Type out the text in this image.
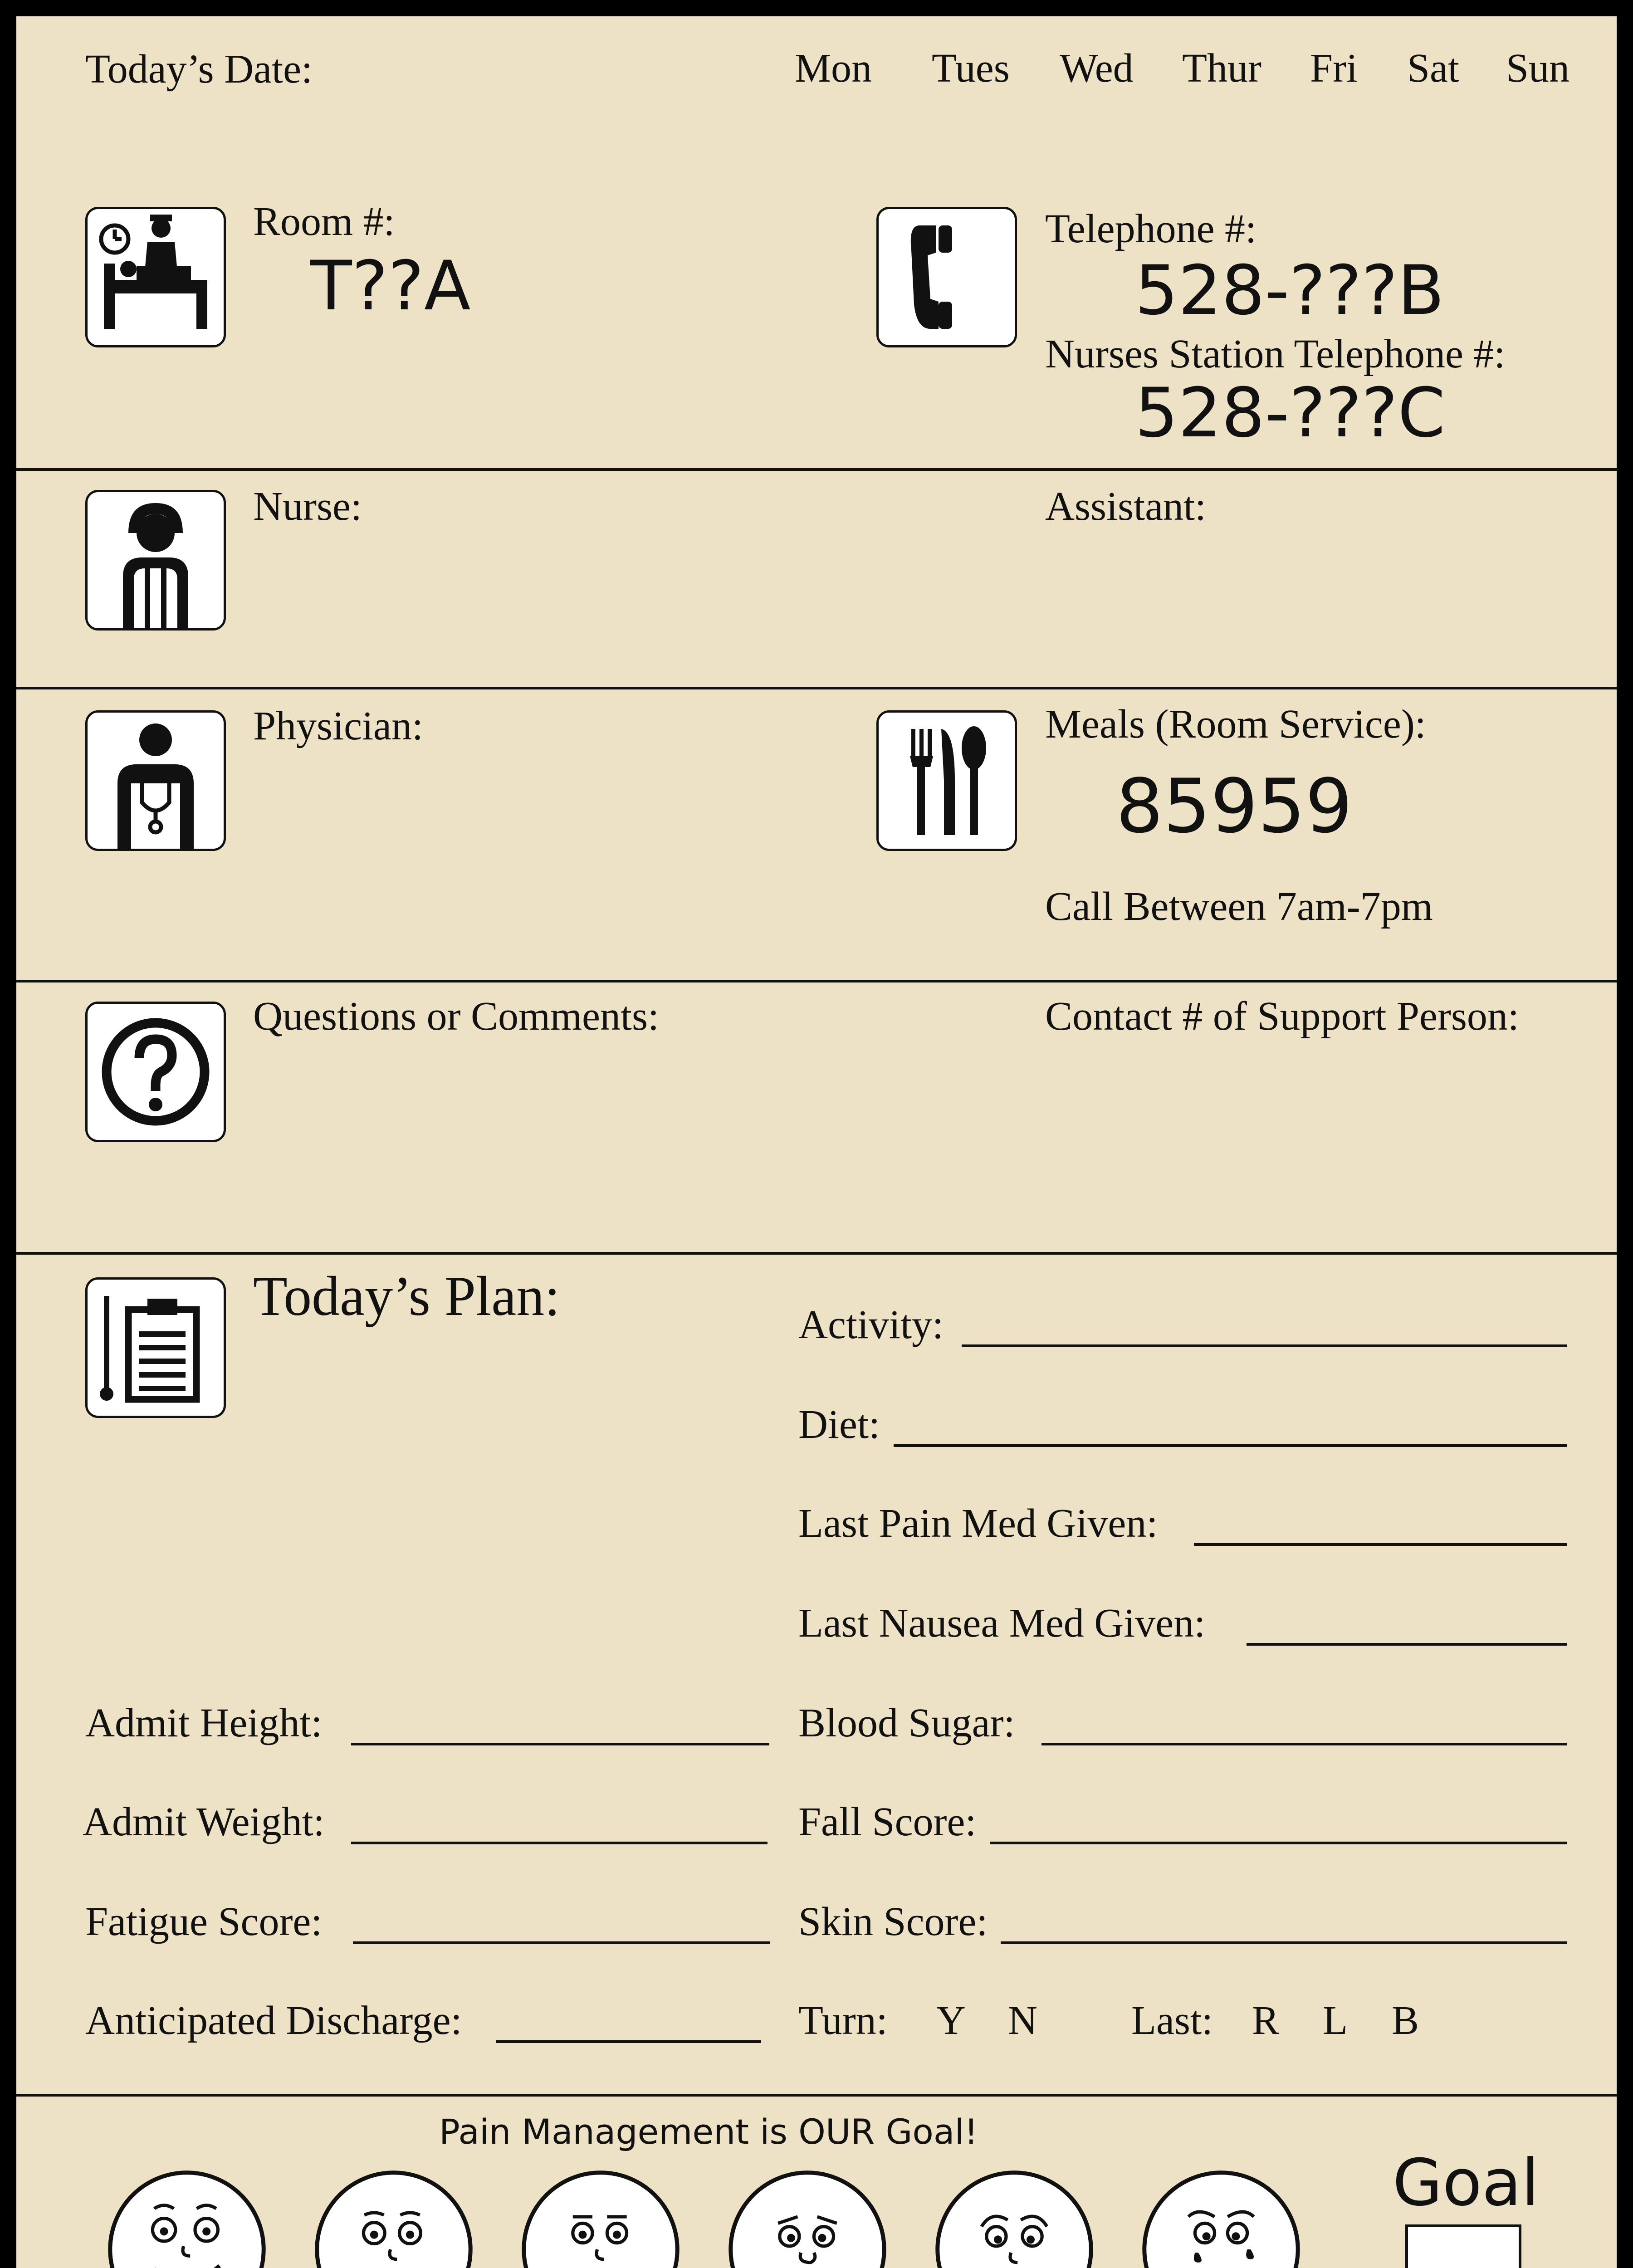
Today’s Date:	Mon Tues Wed Thur Fri Sat Sun
Room #:
T??A
Telephone #:
528-???B
Nurses Station Telephone #:
528-???C
Nurse:	Assistant:
Physician:	Meals (Room Service):
85959
Call Between 7am-7pm
Questions or Comments:	Contact # of Support Person:
Today’s Plan:	Activity:
Diet:
Last Pain Med Given:
Last Nausea Med Given:
Admit Height:	Blood Sugar:
Admit Weight:	Fall Score:
Fatigue Score:	Skin Score:
Anticipated Discharge:	Turn: Y N Last: R L B
Pain Management is OUR Goal!
Goal
